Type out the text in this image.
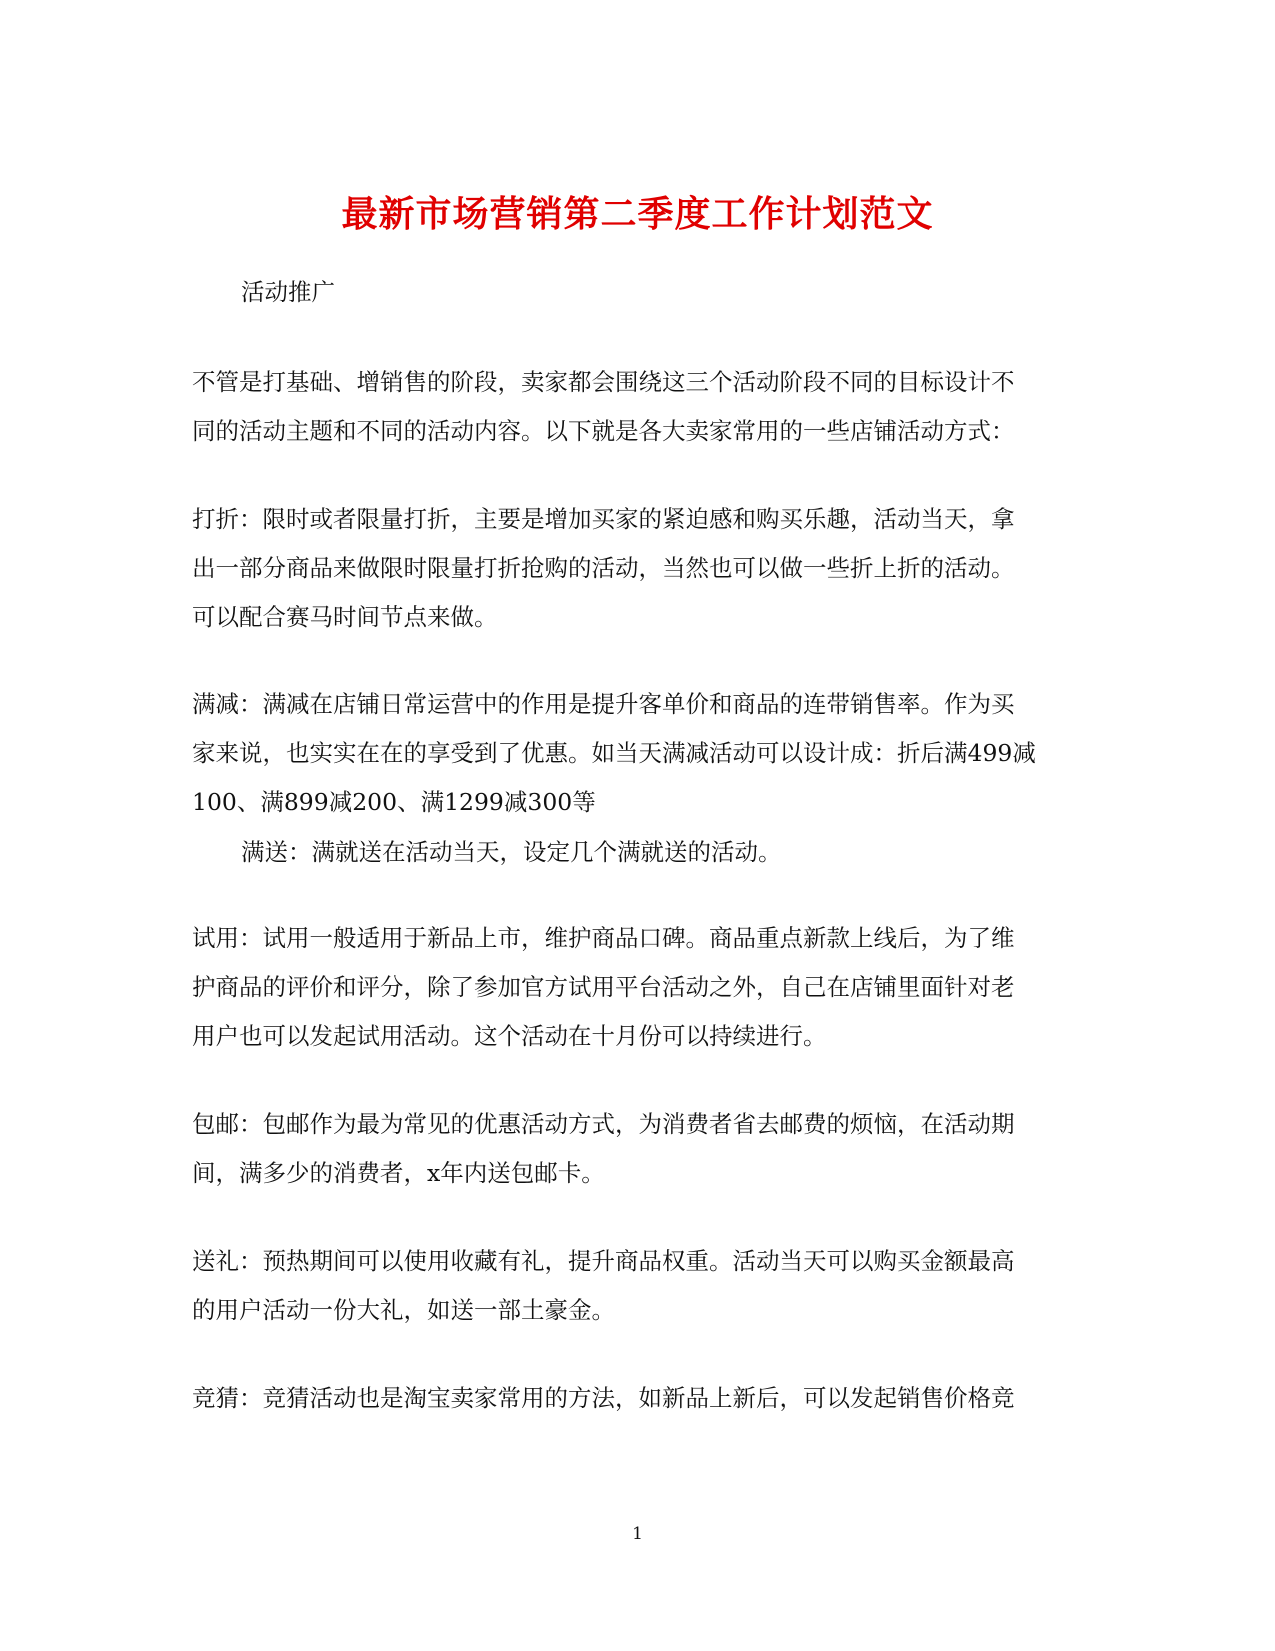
最新市场营销第二季度工作计划范文

活动推广

不管是打基础、增销售的阶段，卖家都会围绕这三个活动阶段不同的目标设计不
同的活动主题和不同的活动内容。以下就是各大卖家常用的一些店铺活动方式：

打折：限时或者限量打折，主要是增加买家的紧迫感和购买乐趣，活动当天，拿
出一部分商品来做限时限量打折抢购的活动，当然也可以做一些折上折的活动。
可以配合赛马时间节点来做。

满减：满减在店铺日常运营中的作用是提升客单价和商品的连带销售率。作为买
家来说，也实实在在的享受到了优惠。如当天满减活动可以设计成：折后满499减
100、满899减200、满1299减300等

满送：满就送在活动当天，设定几个满就送的活动。

试用：试用一般适用于新品上市，维护商品口碑。商品重点新款上线后，为了维
护商品的评价和评分，除了参加官方试用平台活动之外，自己在店铺里面针对老
用户也可以发起试用活动。这个活动在十月份可以持续进行。

包邮：包邮作为最为常见的优惠活动方式，为消费者省去邮费的烦恼，在活动期
间，满多少的消费者，x年内送包邮卡。

送礼：预热期间可以使用收藏有礼，提升商品权重。活动当天可以购买金额最高
的用户活动一份大礼，如送一部土豪金。

竞猜：竞猜活动也是淘宝卖家常用的方法，如新品上新后，可以发起销售价格竞

1
